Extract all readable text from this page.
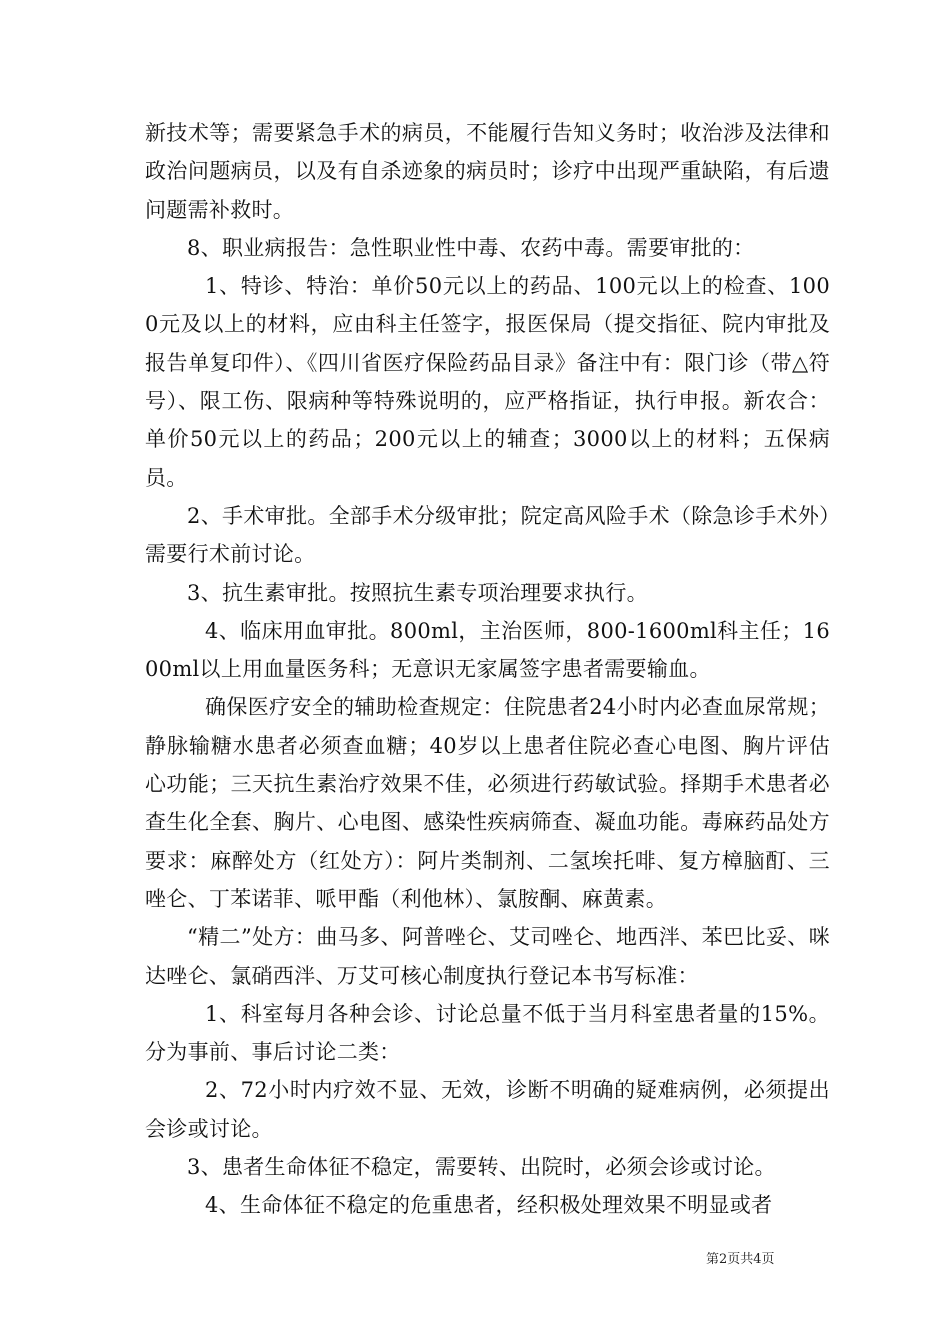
新技术等；需要紧急手术的病员，不能履行告知义务时；收治涉及法律和政治问题病员，以及有自杀迹象的病员时；诊疗中出现严重缺陷，有后遗问题需补救时。

8、职业病报告：急性职业性中毒、农药中毒。需要审批的：

1、特诊、特治：单价50元以上的药品、100元以上的检查、1000元及以上的材料，应由科主任签字，报医保局（提交指征、院内审批及报告单复印件）、《四川省医疗保险药品目录》备注中有：限门诊（带△符号）、限工伤、限病种等特殊说明的，应严格指证，执行申报。新农合：单价50元以上的药品；200元以上的辅查；3000以上的材料；五保病员。

2、手术审批。全部手术分级审批；院定高风险手术（除急诊手术外）需要行术前讨论。

3、抗生素审批。按照抗生素专项治理要求执行。

4、临床用血审批。800ml，主治医师，800-1600ml科主任；1600ml以上用血量医务科；无意识无家属签字患者需要输血。

确保医疗安全的辅助检查规定：住院患者24小时内必查血尿常规；静脉输糖水患者必须查血糖；40岁以上患者住院必查心电图、胸片评估心功能；三天抗生素治疗效果不佳，必须进行药敏试验。择期手术患者必查生化全套、胸片、心电图、感染性疾病筛查、凝血功能。毒麻药品处方要求：麻醉处方（红处方）：阿片类制剂、二氢埃托啡、复方樟脑酊、三唑仑、丁苯诺菲、哌甲酯（利他林）、氯胺酮、麻黄素。

“精二”处方：曲马多、阿普唑仑、艾司唑仑、地西泮、苯巴比妥、咪达唑仑、氯硝西泮、万艾可核心制度执行登记本书写标准：

1、科室每月各种会诊、讨论总量不低于当月科室患者量的15%。分为事前、事后讨论二类：

2、72小时内疗效不显、无效，诊断不明确的疑难病例，必须提出会诊或讨论。

3、患者生命体征不稳定，需要转、出院时，必须会诊或讨论。

4、生命体征不稳定的危重患者，经积极处理效果不明显或者

第2页共4页
